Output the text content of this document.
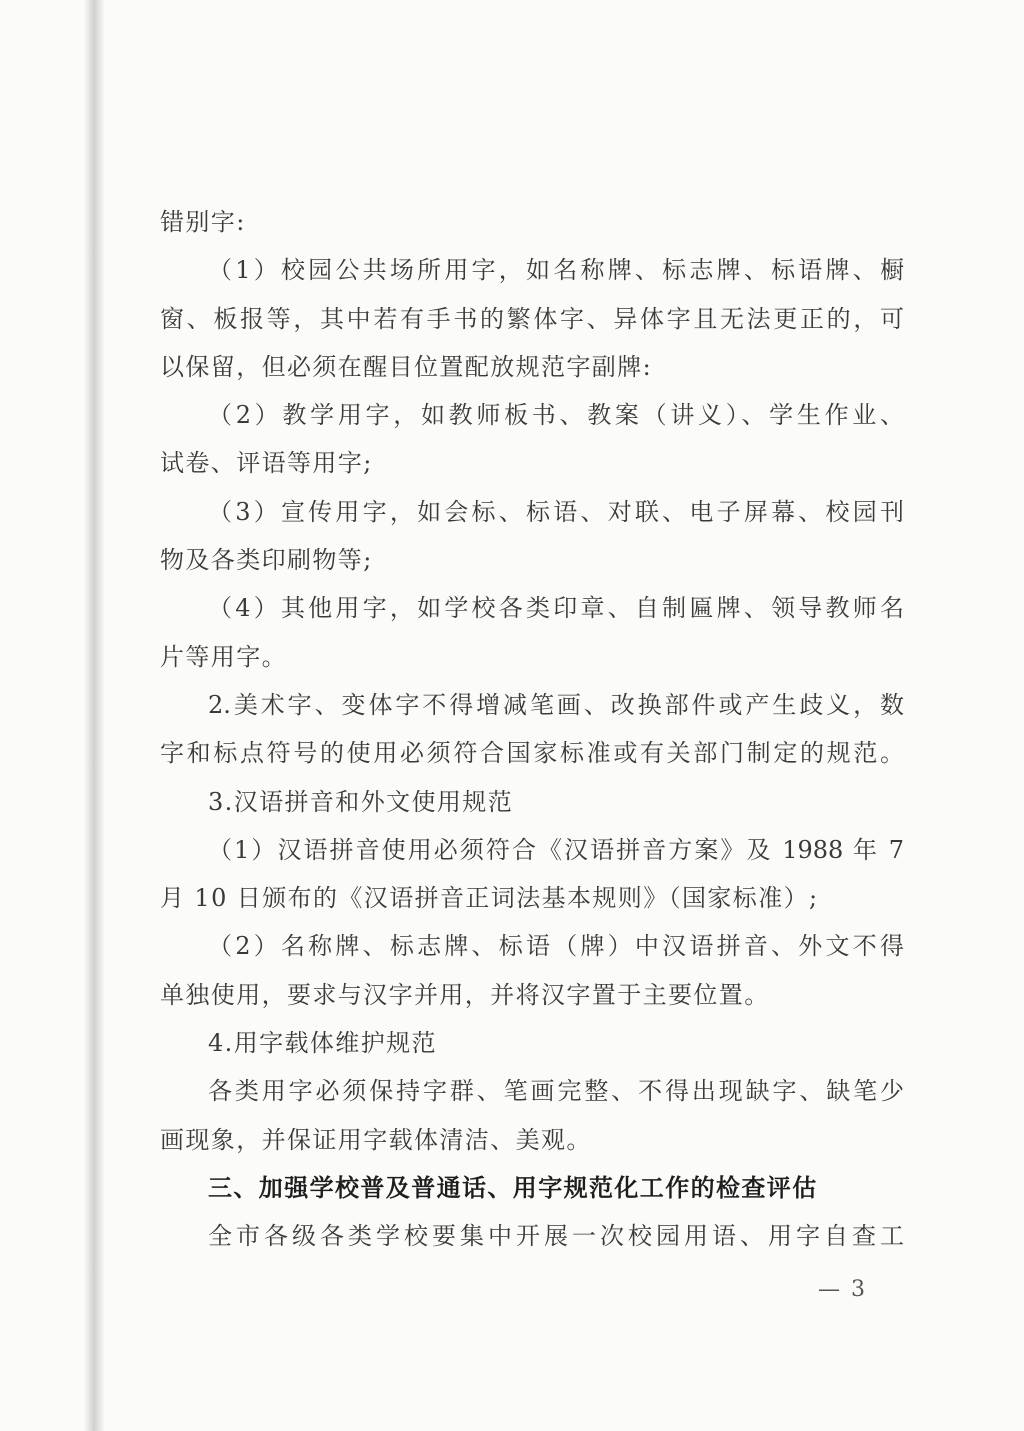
错别字:
（1）校园公共场所用字，如名称牌、标志牌、标语牌、橱
窗、板报等，其中若有手书的繁体字、异体字且无法更正的，可
以保留，但必须在醒目位置配放规范字副牌:
（2）教学用字，如教师板书、教案（讲义）、学生作业、
试卷、评语等用字;
（3）宣传用字，如会标、标语、对联、电子屏幕、校园刊
物及各类印刷物等;
（4）其他用字，如学校各类印章、自制匾牌、领导教师名
片等用字。
2.美术字、变体字不得增减笔画、改换部件或产生歧义，数
字和标点符号的使用必须符合国家标准或有关部门制定的规范。
3.汉语拼音和外文使用规范
（1）汉语拼音使用必须符合《汉语拼音方案》及 1988 年 7
月 10 日颁布的《汉语拼音正词法基本规则》（国家标准）;
（2）名称牌、标志牌、标语（牌）中汉语拼音、外文不得
单独使用，要求与汉字并用，并将汉字置于主要位置。
4.用字载体维护规范
各类用字必须保持字群、笔画完整、不得出现缺字、缺笔少
画现象，并保证用字载体清洁、美观。
三、加强学校普及普通话、用字规范化工作的检查评估
全市各级各类学校要集中开展一次校园用语、用字自查工
— 3
